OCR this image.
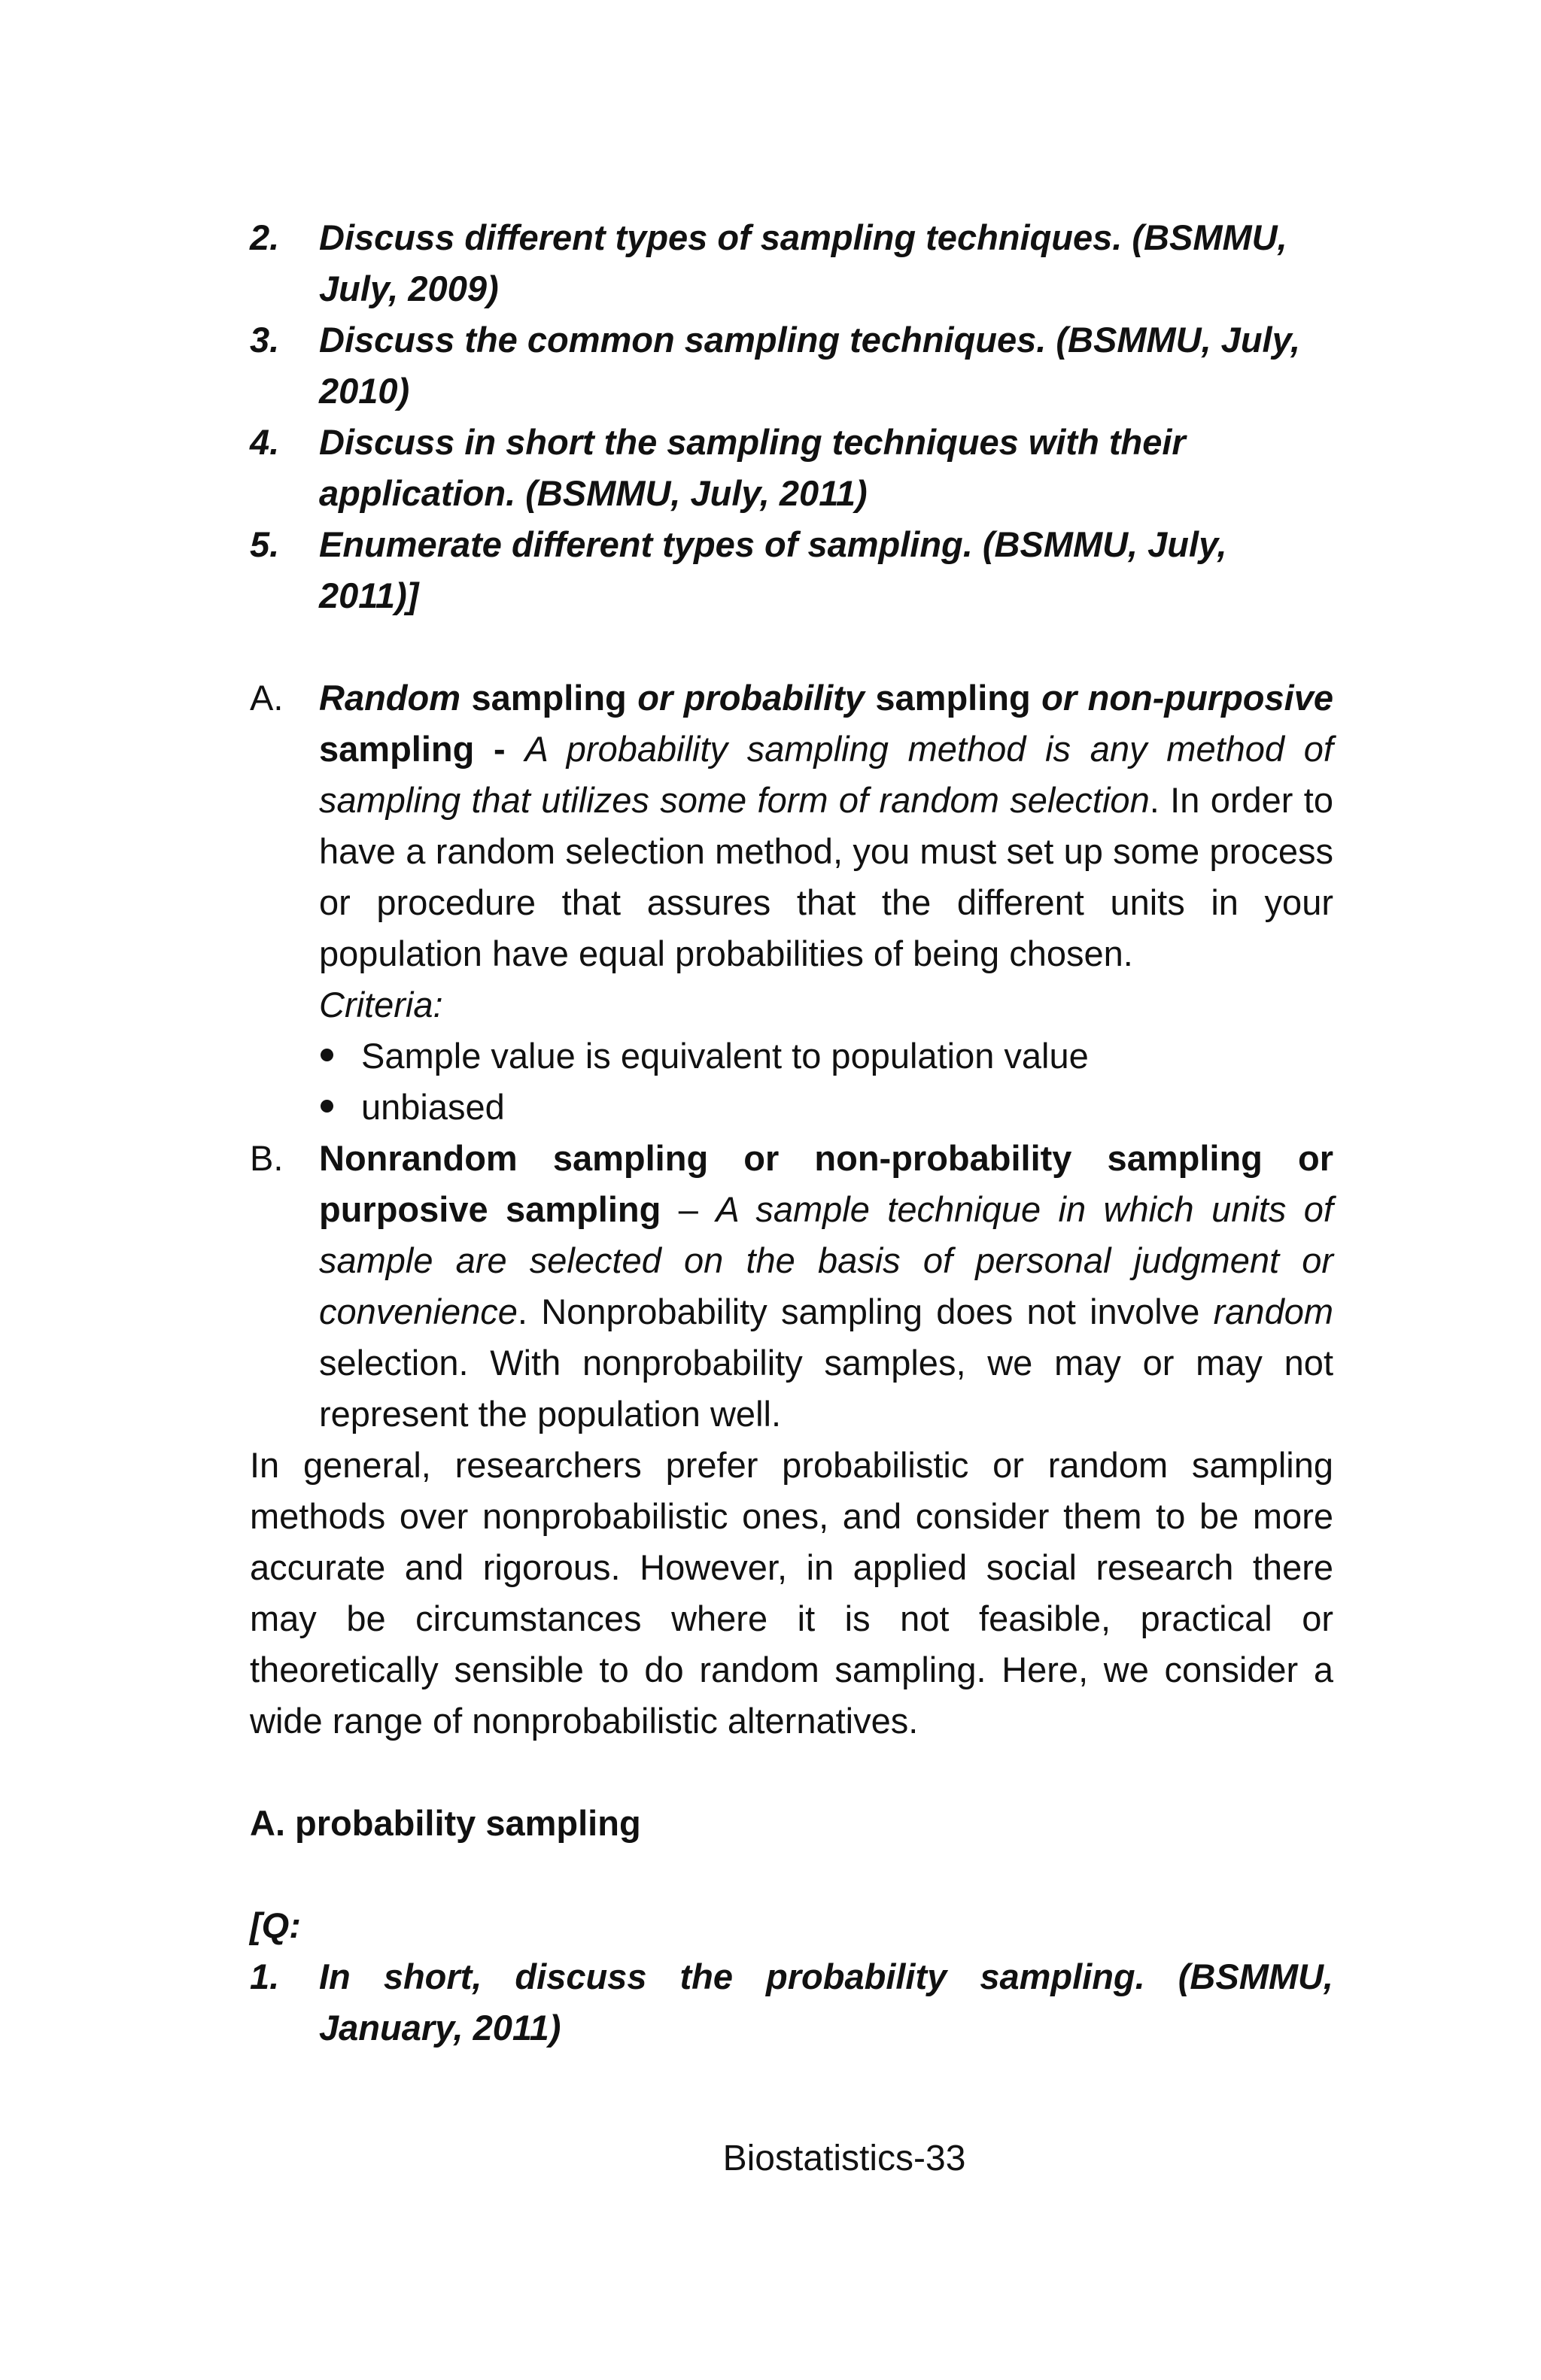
2. Discuss different types of sampling techniques. (BSMMU, July, 2009)
3. Discuss the common sampling techniques. (BSMMU, July, 2010)
4. Discuss in short the sampling techniques with their application. (BSMMU, July, 2011)
5. Enumerate different types of sampling. (BSMMU, July, 2011)]
A. Random sampling or probability sampling or non-purposive sampling - A probability sampling method is any method of sampling that utilizes some form of random selection. In order to have a random selection method, you must set up some process or procedure that assures that the different units in your population have equal probabilities of being chosen.
Criteria:
Sample value is equivalent to population value
unbiased
B. Nonrandom sampling or non-probability sampling or purposive sampling – A sample technique in which units of sample are selected on the basis of personal judgment or convenience. Nonprobability sampling does not involve random selection. With nonprobability samples, we may or may not represent the population well.
In general, researchers prefer probabilistic or random sampling methods over nonprobabilistic ones, and consider them to be more accurate and rigorous. However, in applied social research there may be circumstances where it is not feasible, practical or theoretically sensible to do random sampling. Here, we consider a wide range of nonprobabilistic alternatives.
A. probability sampling
[Q:
1. In short, discuss the probability sampling. (BSMMU, January, 2011)
Biostatistics-33
